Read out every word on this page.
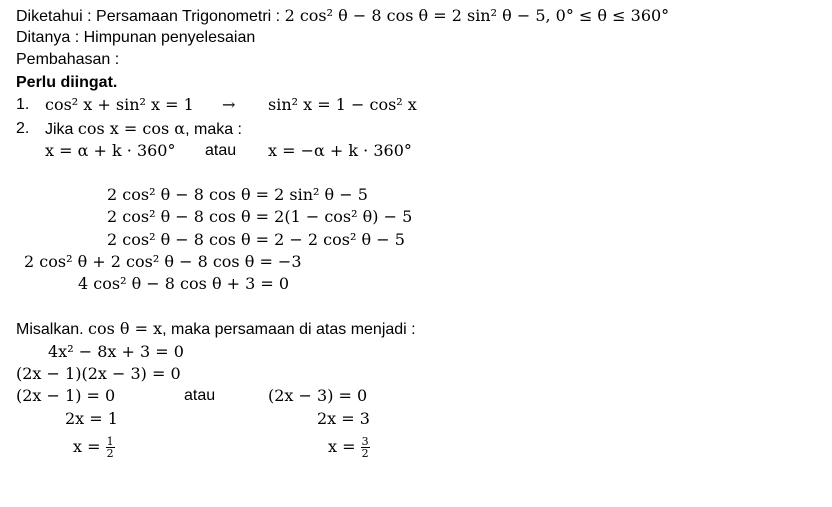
Diketahui : Persamaan Trigonometri : 2 cos² θ − 8 cos θ = 2 sin² θ − 5, 0° ≤ θ ≤ 360°
Ditanya : Himpunan penyelesaian
Pembahasan :
Perlu diingat.
1. cos² x + sin² x = 1 → sin² x = 1 − cos² x
2. Jika cos x = cos α, maka :
x = α + k · 360° atau x = −α + k · 360°
2 cos² θ − 8 cos θ = 2 sin² θ − 5
2 cos² θ − 8 cos θ = 2(1 − cos² θ) − 5
2 cos² θ − 8 cos θ = 2 − 2 cos² θ − 5
2 cos² θ + 2 cos² θ − 8 cos θ = −3
4 cos² θ − 8 cos θ + 3 = 0
Misalkan. cos θ = x, maka persamaan di atas menjadi :
4x² − 8x + 3 = 0
(2x − 1)(2x − 3) = 0
(2x − 1) = 0	atau	(2x − 3) = 0
2x = 1	2x = 3
$x = \frac{1}{2}$	$x = \frac{3}{2}$
